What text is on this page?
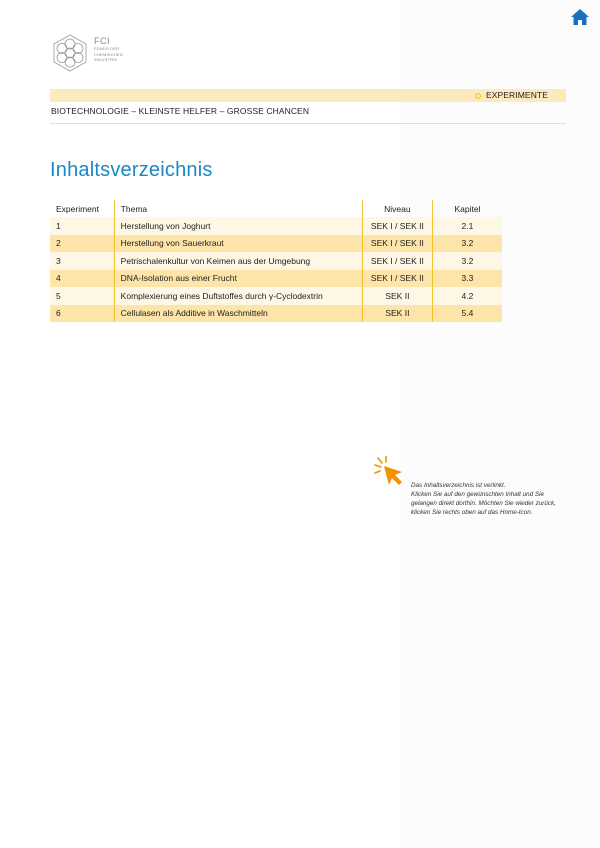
FCI
FONDS DER
CHEMISCHEN
INDUSTRIE
EXPERIMENTE
BIOTECHNOLOGIE – KLEINSTE HELFER – GROSSE CHANCEN
Inhaltsverzeichnis
Experiment	Thema	Niveau	Kapitel
1	Herstellung von Joghurt	SEK I / SEK II	2.1
2	Herstellung von Sauerkraut	SEK I / SEK II	3.2
3	Petrischalenkultur von Keimen aus der Umgebung	SEK I / SEK II	3.2
4	DNA-Isolation aus einer Frucht	SEK I / SEK II	3.3
5	Komplexierung eines Duftstoffes durch γ-Cyclodextrin	SEK II	4.2
6	Cellulasen als Additive in Waschmitteln	SEK II	5.4
Das Inhaltsverzeichnis ist verlinkt.
Klicken Sie auf den gewünschten Inhalt und Sie
gelangen direkt dorthin. Möchten Sie wieder zurück,
klicken Sie rechts oben auf das Home-Icon.
